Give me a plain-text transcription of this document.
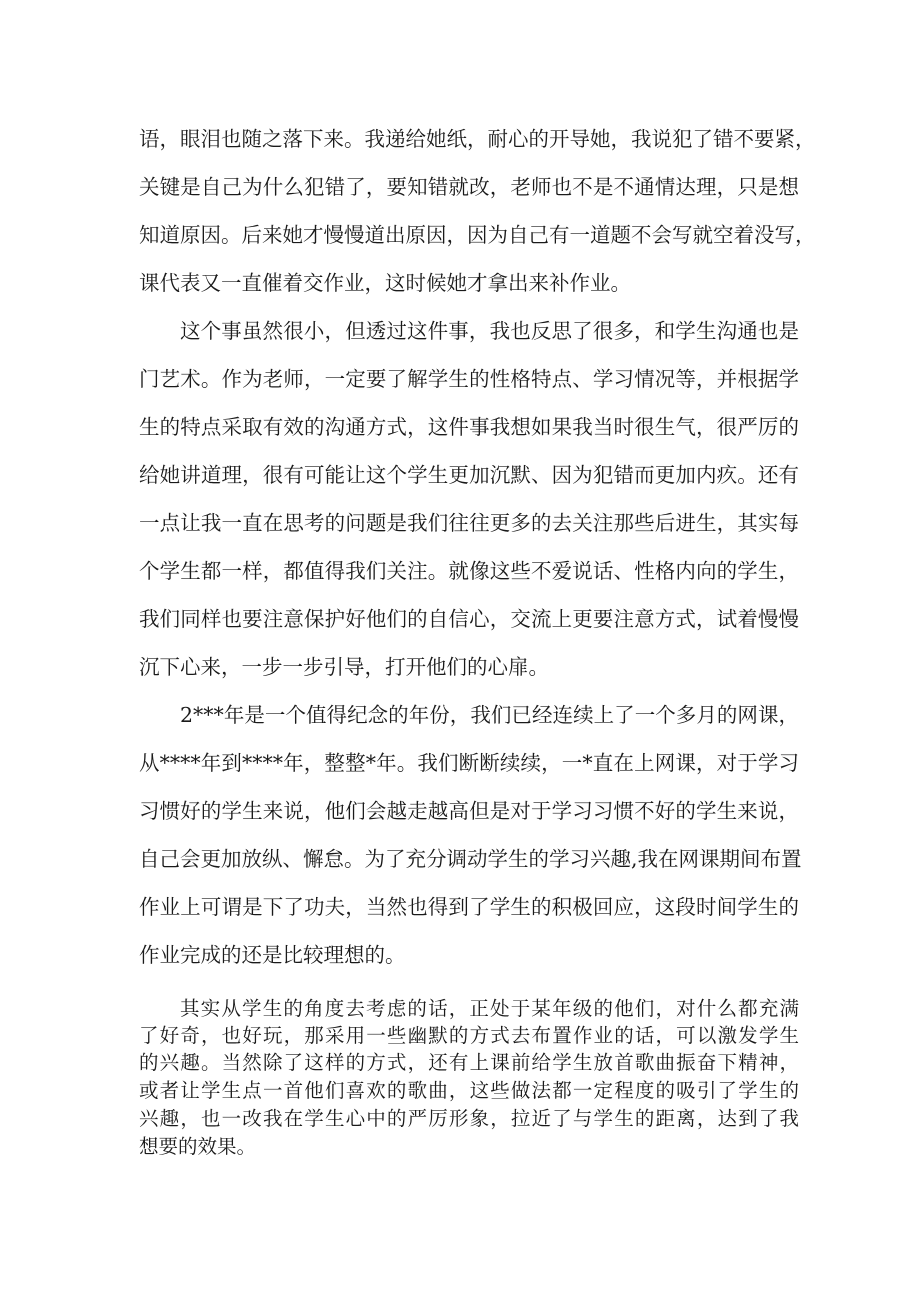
语，眼泪也随之落下来。我递给她纸，耐心的开导她，我说犯了错不要紧，
关键是自己为什么犯错了，要知错就改，老师也不是不通情达理，只是想
知道原因。后来她才慢慢道出原因，因为自己有一道题不会写就空着没写，
课代表又一直催着交作业，这时候她才拿出来补作业。
这个事虽然很小，但透过这件事，我也反思了很多，和学生沟通也是
门艺术。作为老师，一定要了解学生的性格特点、学习情况等，并根据学
生的特点采取有效的沟通方式，这件事我想如果我当时很生气，很严厉的
给她讲道理，很有可能让这个学生更加沉默、因为犯错而更加内疚。还有
一点让我一直在思考的问题是我们往往更多的去关注那些后进生，其实每
个学生都一样，都值得我们关注。就像这些不爱说话、性格内向的学生，
我们同样也要注意保护好他们的自信心，交流上更要注意方式，试着慢慢
沉下心来，一步一步引导，打开他们的心扉。
2***年是一个值得纪念的年份，我们已经连续上了一个多月的网课，
从****年到****年，整整*年。我们断断续续，一*直在上网课，对于学习
习惯好的学生来说，他们会越走越高但是对于学习习惯不好的学生来说，
自己会更加放纵、懈怠。为了充分调动学生的学习兴趣,我在网课期间布置
作业上可谓是下了功夫，当然也得到了学生的积极回应，这段时间学生的
作业完成的还是比较理想的。
其实从学生的角度去考虑的话，正处于某年级的他们，对什么都充满
了好奇，也好玩，那采用一些幽默的方式去布置作业的话，可以激发学生
的兴趣。当然除了这样的方式，还有上课前给学生放首歌曲振奋下精神，
或者让学生点一首他们喜欢的歌曲，这些做法都一定程度的吸引了学生的
兴趣，也一改我在学生心中的严厉形象，拉近了与学生的距离，达到了我
想要的效果。
